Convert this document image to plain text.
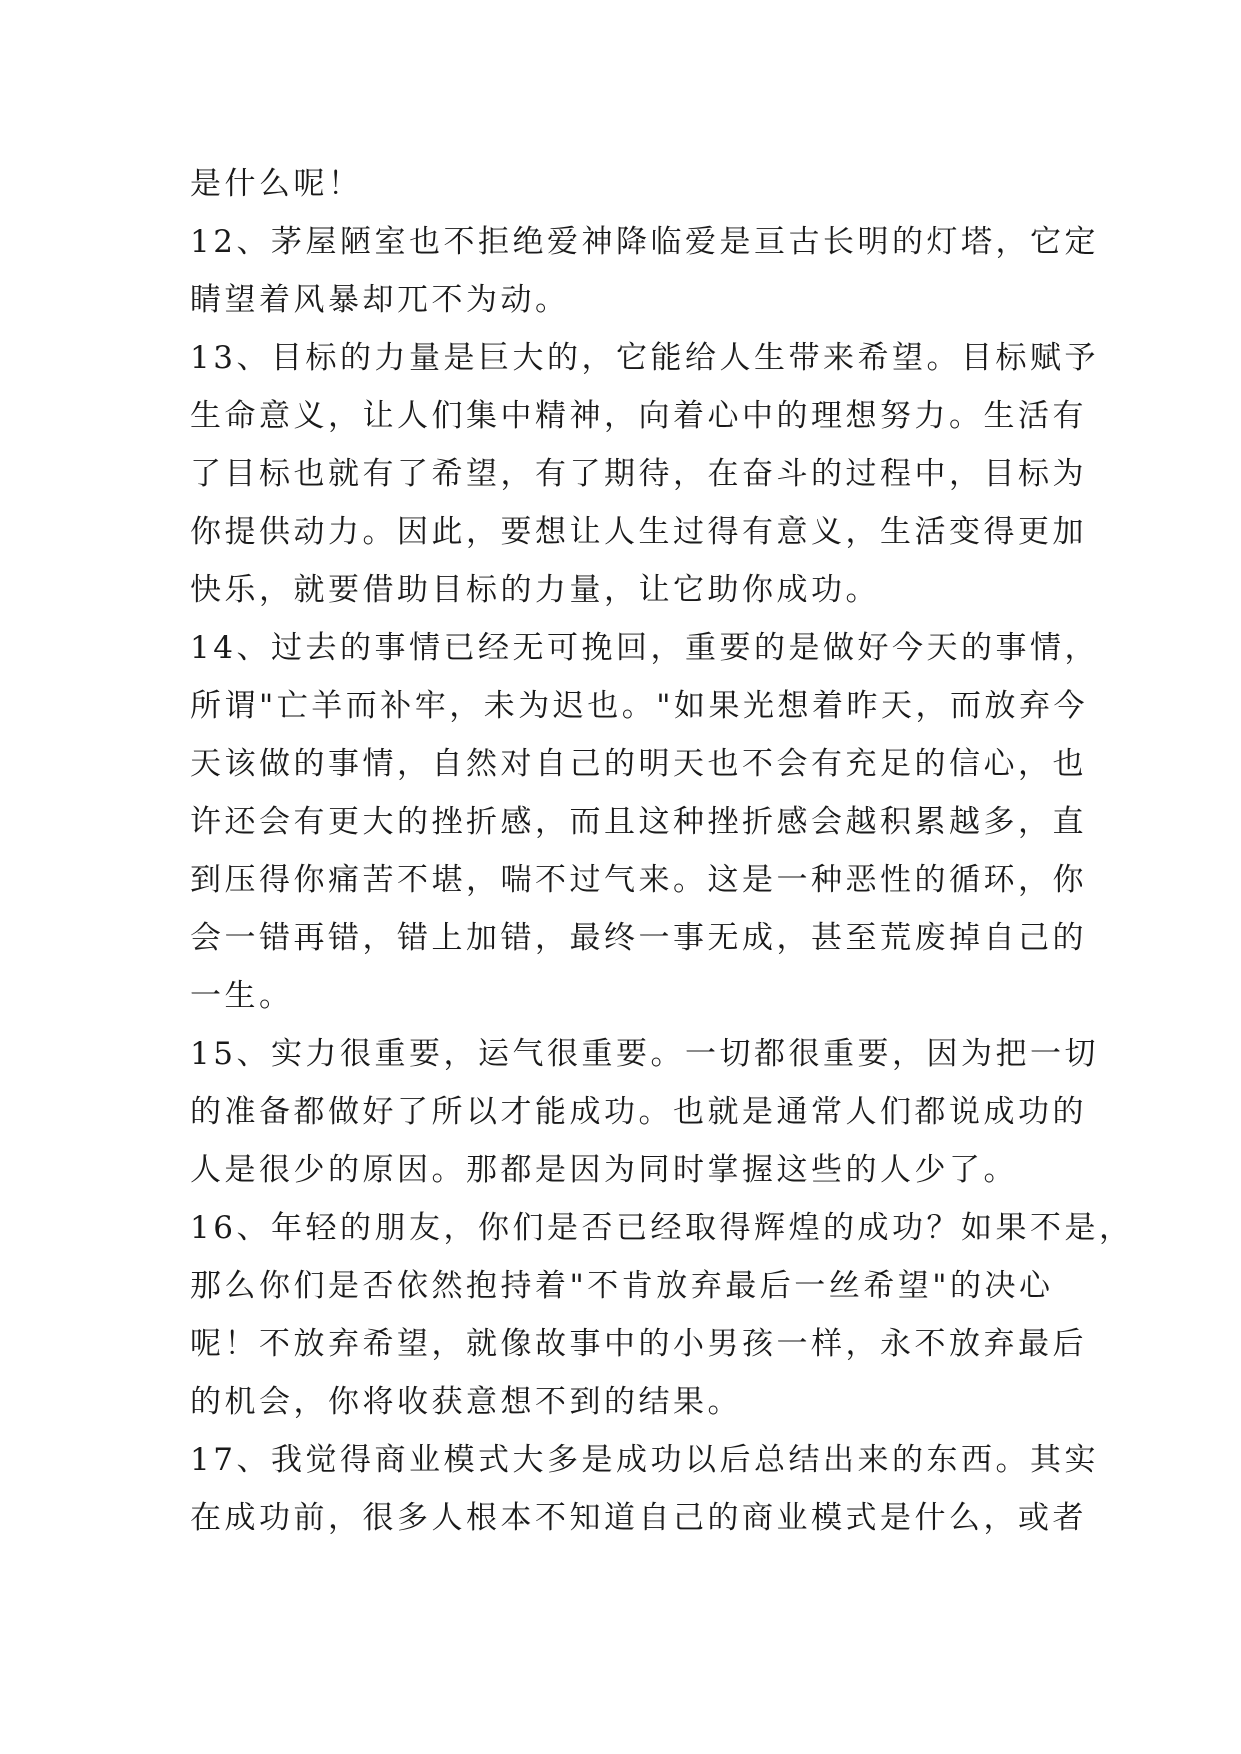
是什么呢！
12、茅屋陋室也不拒绝爱神降临爱是亘古长明的灯塔，它定
睛望着风暴却兀不为动。
13、目标的力量是巨大的，它能给人生带来希望。目标赋予
生命意义，让人们集中精神，向着心中的理想努力。生活有
了目标也就有了希望，有了期待，在奋斗的过程中，目标为
你提供动力。因此，要想让人生过得有意义，生活变得更加
快乐，就要借助目标的力量，让它助你成功。
14、过去的事情已经无可挽回，重要的是做好今天的事情，
所谓"亡羊而补牢，未为迟也。"如果光想着昨天，而放弃今
天该做的事情，自然对自己的明天也不会有充足的信心，也
许还会有更大的挫折感，而且这种挫折感会越积累越多，直
到压得你痛苦不堪，喘不过气来。这是一种恶性的循环，你
会一错再错，错上加错，最终一事无成，甚至荒废掉自己的
一生。
15、实力很重要，运气很重要。一切都很重要，因为把一切
的准备都做好了所以才能成功。也就是通常人们都说成功的
人是很少的原因。那都是因为同时掌握这些的人少了。
16、年轻的朋友，你们是否已经取得辉煌的成功？如果不是，
那么你们是否依然抱持着"不肯放弃最后一丝希望"的决心
呢！不放弃希望，就像故事中的小男孩一样，永不放弃最后
的机会，你将收获意想不到的结果。
17、我觉得商业模式大多是成功以后总结出来的东西。其实
在成功前，很多人根本不知道自己的商业模式是什么，或者
